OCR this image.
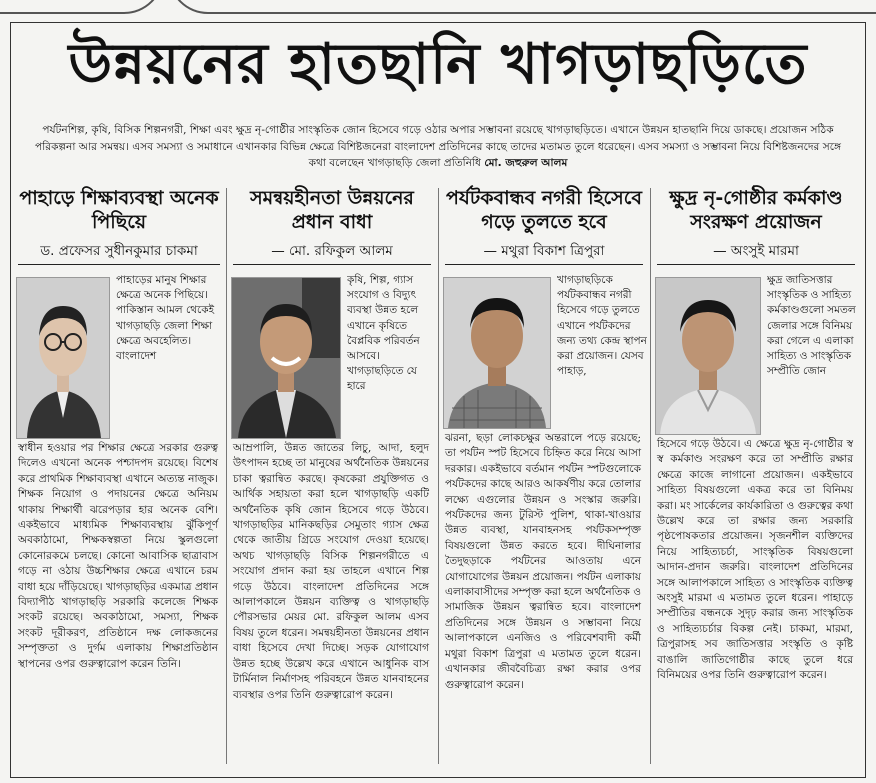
উন্নয়নের হাতছানি খাগড়াছড়িতে
পর্যটনশিল্প, কৃষি, বিসিক শিল্পনগরী, শিক্ষা এবং ক্ষুদ্র নৃ-গোষ্ঠীর সাংস্কৃতিক জোন হিসেবে গড়ে ওঠার অপার সম্ভাবনা রয়েছে খাগড়াছড়িতে। এখানে উন্নয়ন হাতছানি দিয়ে ডাকছে। প্রয়োজন সঠিক পরিকল্পনা আর সমন্বয়। এসব সমস্যা ও সমাধানে এখানকার বিভিন্ন ক্ষেত্রে বিশিষ্টজনেরা বাংলাদেশ প্রতিদিনের কাছে তাদের মতামত তুলে ধরেছেন। এসব সমস্যা ও সম্ভাবনা নিয়ে বিশিষ্টজনদের সঙ্গে কথা বলেছেন খাগড়াছড়ি জেলা প্রতিনিধি মো. জহুরুল আলম
পাহাড়ে শিক্ষাব্যবস্থা অনেক পিছিয়ে
ড. প্রফেসর সুধীনকুমার চাকমা
পাহাড়ের মানুষ শিক্ষার ক্ষেত্রে অনেক পিছিয়ে। পাকিস্তান আমল থেকেই খাগড়াছড়ি জেলা শিক্ষা ক্ষেত্রে অবহেলিত। বাংলাদেশ
স্বাধীন হওয়ার পর শিক্ষার ক্ষেত্রে সরকার গুরুত্ব দিলেও এখনো অনেক পশ্চাদপদ রয়েছে। বিশেষ করে প্রাথমিক শিক্ষাব্যবস্থা এখানে অত্যন্ত নাজুক। শিক্ষক নিয়োগ ও পদায়নের ক্ষেত্রে অনিয়ম থাকায় শিক্ষার্থী ঝরেপড়ার হার অনেক বেশি। একইভাবে মাধ্যমিক শিক্ষাব্যবস্থায় ঝুঁকিপূর্ণ অবকাঠামো, শিক্ষকস্বল্পতা নিয়ে স্কুলগুলো কোনোরকমে চলছে। কোনো আবাসিক ছাত্রাবাস গড়ে না ওঠায় উচ্চশিক্ষার ক্ষেত্রে এখানে চরম বাধা হয়ে দাঁড়িয়েছে। খাগড়াছড়ির একমাত্র প্রধান বিদ্যাপীঠ খাগড়াছড়ি সরকারি কলেজে শিক্ষক সংকট রয়েছে। অবকাঠামো, সমস্যা, শিক্ষক সংকট দূরীকরণ, প্রতিষ্ঠানে দক্ষ লোকজনের সম্পৃক্ততা ও দুর্গম এলাকায় শিক্ষাপ্রতিষ্ঠান স্থাপনের ওপর গুরুত্বারোপ করেন তিনি।
সমন্বয়হীনতা উন্নয়নের প্রধান বাধা
— মো. রফিকুল আলম
কৃষি, শিল্প, গ্যাস সংযোগ ও বিদ্যুৎ ব্যবস্থা উন্নত হলে এখানে কৃষিতে বৈপ্লবিক পরিবর্তন আসবে। খাগড়াছড়িতে যে হারে
আম্রপালি, উন্নত জাতের লিচু, আদা, হলুদ উৎপাদন হচ্ছে তা মানুষের অর্থনৈতিক উন্নয়নের চাকা ত্বরান্বিত করছে। কৃষকেরা প্রযুক্তিগত ও আর্থিক সহায়তা করা হলে খাগড়াছড়ি একটি অর্থনৈতিক কৃষি জোন হিসেবে গড়ে উঠবে। খাগড়াছড়ির মানিকছড়ির সেমুতাং গ্যাস ক্ষেত্র থেকে জাতীয় গ্রিডে সংযোগ দেওয়া হয়েছে। অথচ খাগড়াছড়ি বিসিক শিল্পনগরীতে এ সংযোগ প্রদান করা হয় তাহলে এখানে শিল্প গড়ে উঠবে। বাংলাদেশ প্রতিদিনের সঙ্গে আলাপকালে উন্নয়ন ব্যক্তিত্ব ও খাগড়াছড়ি পৌরসভার মেয়র মো. রফিকুল আলম এসব বিষয় তুলে ধরেন। সমন্বয়হীনতা উন্নয়নের প্রধান বাধা হিসেবে দেখা দিচ্ছে। সড়ক যোগাযোগ উন্নত হচ্ছে উল্লেখ করে এখানে আধুনিক বাস টার্মিনাল নির্মাণসহ পরিবহনে উন্নত যানবাহনের ব্যবস্থার ওপর তিনি গুরুত্বারোপ করেন।
পর্যটকবান্ধব নগরী হিসেবে গড়ে তুলতে হবে
— মথুরা বিকাশ ত্রিপুরা
খাগড়াছড়িকে পর্যটকবান্ধব নগরী হিসেবে গড়ে তুলতে এখানে পর্যটকদের জন্য তথ্য কেন্দ্র স্থাপন করা প্রয়োজন। যেসব পাহাড়,
ঝরনা, ছড়া লোকচক্ষুর অন্তরালে পড়ে রয়েছে; তা পর্যটন স্পট হিসেবে চিহ্নিত করে নিয়ে আসা দরকার। একইভাবে বর্তমান পর্যটন স্পটগুলোকে পর্যটকদের কাছে আরও আকর্ষণীয় করে তোলার লক্ষ্যে এগুলোর উন্নয়ন ও সংস্কার জরুরি। পর্যটকদের জন্য টুরিস্ট পুলিশ, থাকা-খাওয়ার উন্নত ব্যবস্থা, যানবাহনসহ পর্যটকসম্পৃক্ত বিষয়গুলো উন্নত করতে হবে। দীঘিনালার তৈদুছড়াকে পর্যটনের আওতায় এনে যোগাযোগের উন্নয়ন প্রয়োজন। পর্যটন এলাকায় এলাকাবাসীদের সম্পৃক্ত করা হলে অর্থনৈতিক ও সামাজিক উন্নয়ন ত্বরান্বিত হবে। বাংলাদেশ প্রতিদিনের সঙ্গে উন্নয়ন ও সম্ভাবনা নিয়ে আলাপকালে এনজিও ও পরিবেশবাদী কর্মী মথুরা বিকাশ ত্রিপুরা এ মতামত তুলে ধরেন। এখানকার জীববৈচিত্র্য রক্ষা করার ওপর গুরুত্বারোপ করেন।
ক্ষুদ্র নৃ-গোষ্ঠীর কর্মকাণ্ড সংরক্ষণ প্রয়োজন
— অংসুই মারমা
ক্ষুদ্র জাতিসত্তার সাংস্কৃতিক ও সাহিত্য কর্মকাণ্ডগুলো সমতল জেলার সঙ্গে বিনিময় করা গেলে এ এলাকা সাহিত্য ও সাংস্কৃতিক সম্প্রীতি জোন
হিসেবে গড়ে উঠবে। এ ক্ষেত্রে ক্ষুদ্র নৃ-গোষ্ঠীর স্ব স্ব কর্মকাণ্ড সংরক্ষণ করে তা সম্প্রীতি রক্ষার ক্ষেত্রে কাজে লাগানো প্রয়োজন। একইভাবে সাহিত্য বিষয়গুলো একত্র করে তা বিনিময় করা। মং সার্কেলের কার্যকারিতা ও গুরুত্বের কথা উল্লেখ করে তা রক্ষার জন্য সরকারি পৃষ্ঠপোষকতার প্রয়োজন। সৃজনশীল ব্যক্তিদের নিয়ে সাহিত্যচর্চা, সাংস্কৃতিক বিষয়গুলো আদান-প্রদান জরুরি। বাংলাদেশ প্রতিদিনের সঙ্গে আলাপকালে সাহিত্য ও সাংস্কৃতিক ব্যক্তিত্ব অংসুই মারমা এ মতামত তুলে ধরেন। পাহাড়ে সম্প্রীতির বন্ধনকে সুদৃঢ় করার জন্য সাংস্কৃতিক ও সাহিত্যচর্চার বিকল্প নেই। চাকমা, মারমা, ত্রিপুরাসহ সব জাতিসত্তার সংস্কৃতি ও কৃষ্টি বাঙালি জাতিগোষ্ঠীর কাছে তুলে ধরে বিনিময়ের ওপর তিনি গুরুত্বারোপ করেন।
